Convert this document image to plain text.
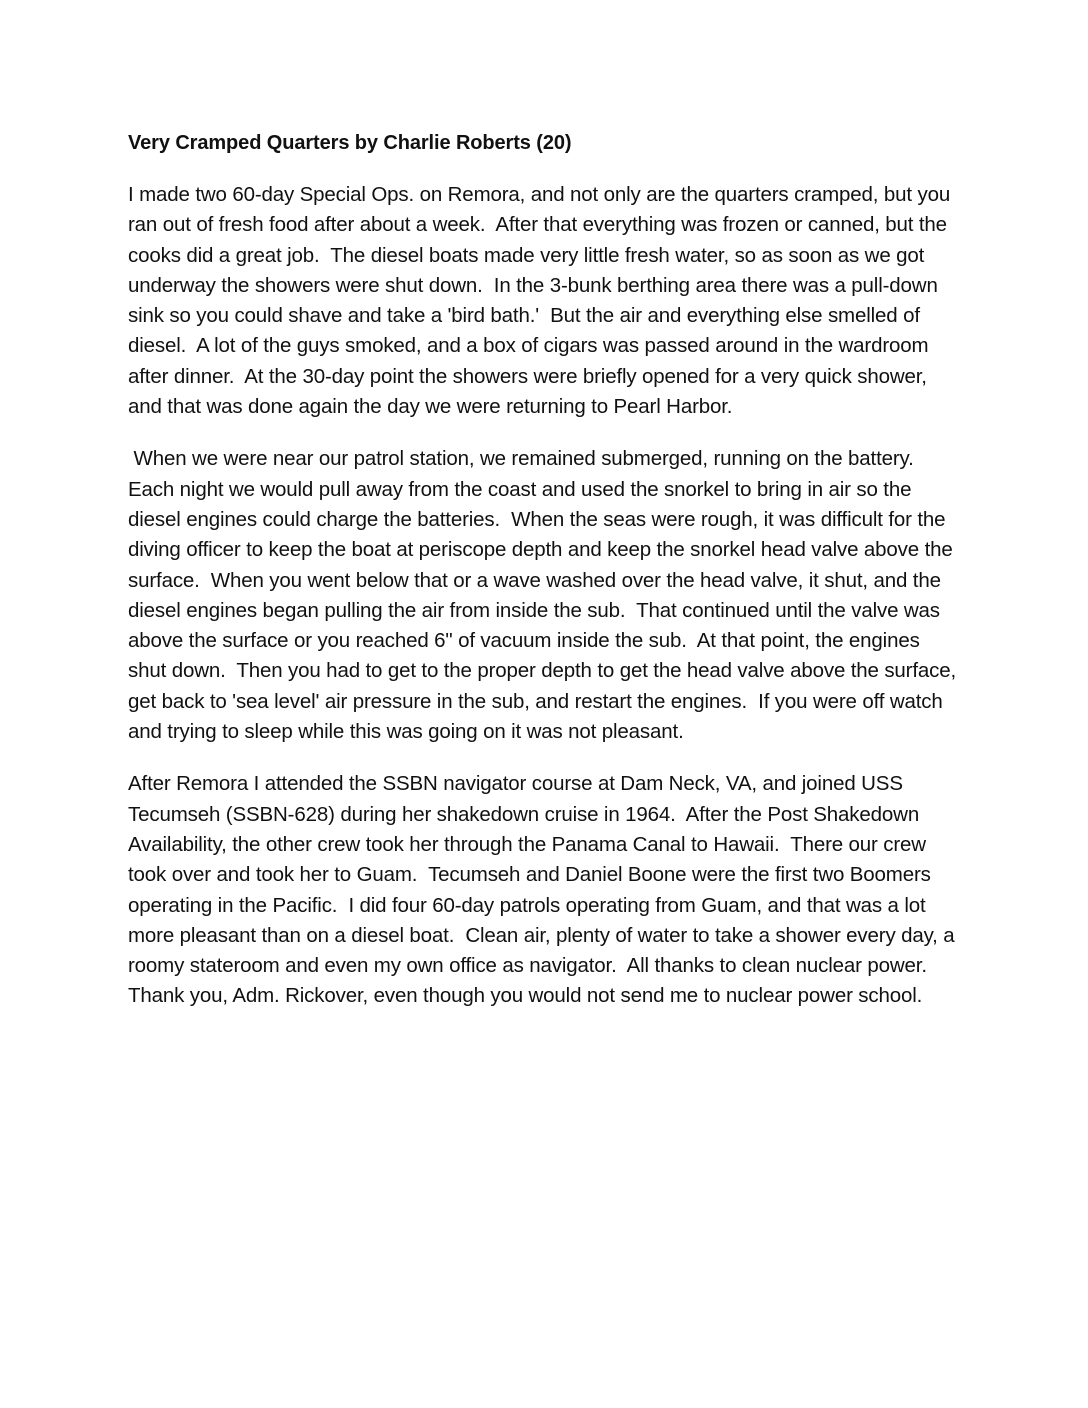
Very Cramped Quarters by Charlie Roberts (20)

I made two 60-day Special Ops. on Remora, and not only are the quarters cramped, but you ran out of fresh food after about a week.  After that everything was frozen or canned, but the cooks did a great job.  The diesel boats made very little fresh water, so as soon as we got underway the showers were shut down.  In the 3-bunk berthing area there was a pull-down sink so you could shave and take a 'bird bath.'  But the air and everything else smelled of diesel.  A lot of the guys smoked, and a box of cigars was passed around in the wardroom after dinner.  At the 30-day point the showers were briefly opened for a very quick shower, and that was done again the day we were returning to Pearl Harbor.

When we were near our patrol station, we remained submerged, running on the battery.  Each night we would pull away from the coast and used the snorkel to bring in air so the diesel engines could charge the batteries.  When the seas were rough, it was difficult for the diving officer to keep the boat at periscope depth and keep the snorkel head valve above the surface.  When you went below that or a wave washed over the head valve, it shut, and the diesel engines began pulling the air from inside the sub.  That continued until the valve was above the surface or you reached 6" of vacuum inside the sub.  At that point, the engines shut down.  Then you had to get to the proper depth to get the head valve above the surface, get back to 'sea level' air pressure in the sub, and restart the engines.  If you were off watch and trying to sleep while this was going on it was not pleasant.

After Remora I attended the SSBN navigator course at Dam Neck, VA, and joined USS Tecumseh (SSBN-628) during her shakedown cruise in 1964.  After the Post Shakedown Availability, the other crew took her through the Panama Canal to Hawaii.  There our crew took over and took her to Guam.  Tecumseh and Daniel Boone were the first two Boomers operating in the Pacific.  I did four 60-day patrols operating from Guam, and that was a lot more pleasant than on a diesel boat.  Clean air, plenty of water to take a shower every day, a roomy stateroom and even my own office as navigator.  All thanks to clean nuclear power.  Thank you, Adm. Rickover, even though you would not send me to nuclear power school.
